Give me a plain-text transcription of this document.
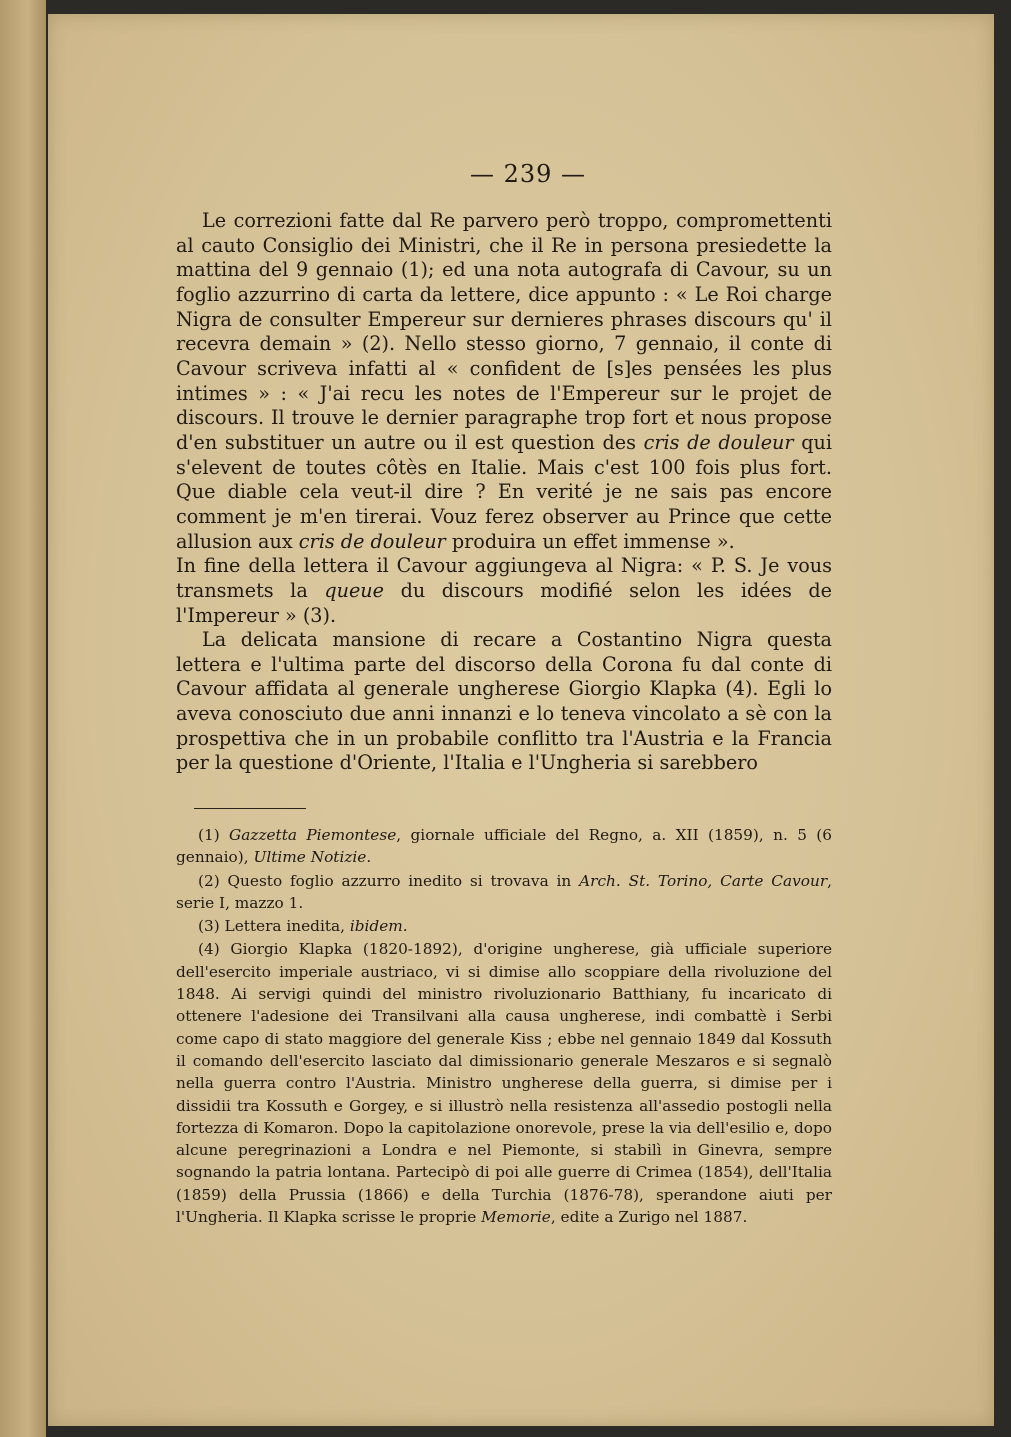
— 239 —

Le correzioni fatte dal Re parvero però troppo, compromettenti al cauto Consiglio dei Ministri, che il Re in persona presiedette la mattina del 9 gennaio (1); ed una nota autografa di Cavour, su un foglio azzurrino di carta da lettere, dice appunto : « Le Roi charge Nigra de consulter Empereur sur dernieres phrases discours qu' il recevra demain » (2). Nello stesso giorno, 7 gennaio, il conte di Cavour scriveva infatti al « confident de [s]es pensées les plus intimes » : « J'ai recu les notes de l'Empereur sur le projet de discours. Il trouve le dernier paragraphe trop fort et nous propose d'en substituer un autre ou il est question des cris de douleur qui s'elevent de toutes côtès en Italie. Mais c'est 100 fois plus fort. Que diable cela veut-il dire ? En verité je ne sais pas encore comment je m'en tirerai. Vouz ferez observer au Prince que cette allusion aux cris de douleur produira un effet immense ».

In fine della lettera il Cavour aggiungeva al Nigra: « P. S. Je vous transmets la queue du discours modifié selon les idées de l'Impereur » (3).

La delicata mansione di recare a Costantino Nigra questa lettera e l'ultima parte del discorso della Corona fu dal conte di Cavour affidata al generale ungherese Giorgio Klapka (4). Egli lo aveva conosciuto due anni innanzi e lo teneva vincolato a sè con la prospettiva che in un probabile conflitto tra l'Austria e la Francia per la questione d'Oriente, l'Italia e l'Ungheria si sarebbero

(1) Gazzetta Piemontese, giornale ufficiale del Regno, a. XII (1859), n. 5 (6 gennaio), Ultime Notizie.

(2) Questo foglio azzurro inedito si trovava in Arch. St. Torino, Carte Cavour, serie I, mazzo 1.

(3) Lettera inedita, ibidem.

(4) Giorgio Klapka (1820-1892), d'origine ungherese, già ufficiale superiore dell'esercito imperiale austriaco, vi si dimise allo scoppiare della rivoluzione del 1848. Ai servigi quindi del ministro rivoluzionario Batthiany, fu incaricato di ottenere l'adesione dei Transilvani alla causa ungherese, indi combattè i Serbi come capo di stato maggiore del generale Kiss ; ebbe nel gennaio 1849 dal Kossuth il comando dell'esercito lasciato dal dimissionario generale Meszaros e si segnalò nella guerra contro l'Austria. Ministro ungherese della guerra, si dimise per i dissidii tra Kossuth e Gorgey, e si illustrò nella resistenza all'assedio postogli nella fortezza di Komaron. Dopo la capitolazione onorevole, prese la via dell'esilio e, dopo alcune peregrinazioni a Londra e nel Piemonte, si stabilì in Ginevra, sempre sognando la patria lontana. Partecipò di poi alle guerre di Crimea (1854), dell'Italia (1859) della Prussia (1866) e della Turchia (1876-78), sperandone aiuti per l'Ungheria. Il Klapka scrisse le proprie Memorie, edite a Zurigo nel 1887.
